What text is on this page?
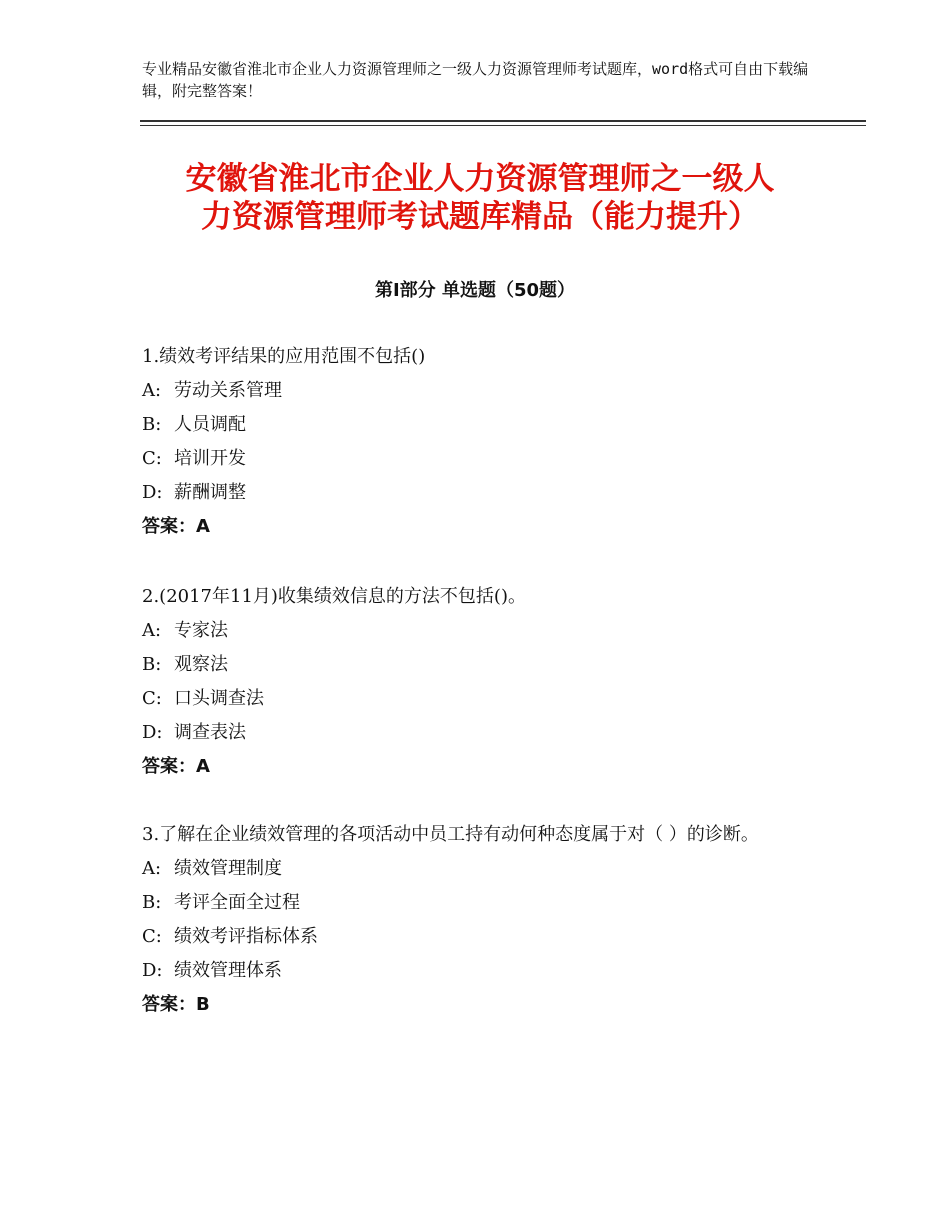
专业精品安徽省淮北市企业人力资源管理师之一级人力资源管理师考试题库，word格式可自由下载编辑，附完整答案！
安徽省淮北市企业人力资源管理师之一级人
力资源管理师考试题库精品（能力提升）
第Ⅰ部分 单选题（50题）
1.绩效考评结果的应用范围不包括()
A: 劳动关系管理
B: 人员调配
C: 培训开发
D: 薪酬调整
答案：A
2.(2017年11月)收集绩效信息的方法不包括()。
A: 专家法
B: 观察法
C: 口头调查法
D: 调查表法
答案：A
3.了解在企业绩效管理的各项活动中员工持有动何种态度属于对（ ）的诊断。
A: 绩效管理制度
B: 考评全面全过程
C: 绩效考评指标体系
D: 绩效管理体系
答案：B
